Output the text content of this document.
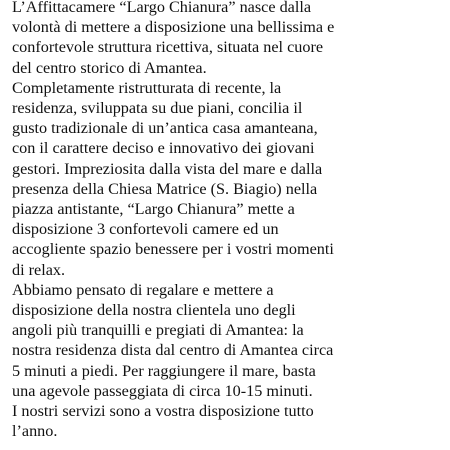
L’Affittacamere “Largo Chianura” nasce dalla
volontà di mettere a disposizione una bellissima e
confortevole struttura ricettiva, situata nel cuore
del centro storico di Amantea.

Completamente ristrutturata di recente, la
residenza, sviluppata su due piani, concilia il
gusto tradizionale di un’antica casa amanteana,
con il carattere deciso e innovativo dei giovani
gestori. Impreziosita dalla vista del mare e dalla
presenza della Chiesa Matrice (S. Biagio) nella
piazza antistante, “Largo Chianura” mette a
disposizione 3 confortevoli camere ed un
accogliente spazio benessere per i vostri momenti
di relax.

Abbiamo pensato di regalare e mettere a
disposizione della nostra clientela uno degli
angoli più tranquilli e pregiati di Amantea: la
nostra residenza dista dal centro di Amantea circa
5 minuti a piedi. Per raggiungere il mare, basta
una agevole passeggiata di circa 10-15 minuti.

I nostri servizi sono a vostra disposizione tutto
l’anno.
